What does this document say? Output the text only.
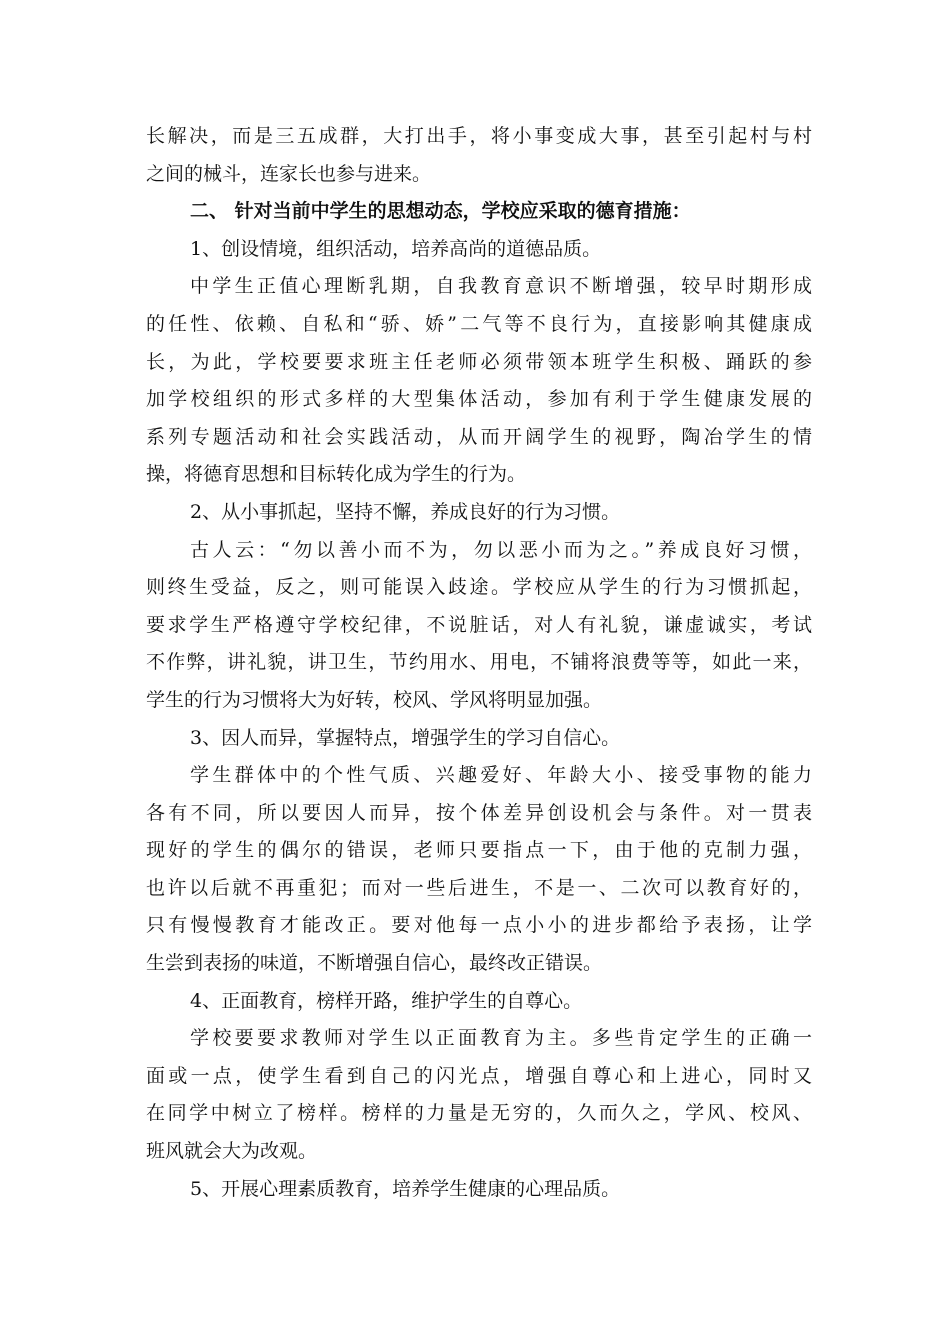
长解决，而是三五成群，大打出手，将小事变成大事，甚至引起村与村
之间的械斗，连家长也参与进来。
二、 针对当前中学生的思想动态，学校应采取的德育措施：
1、创设情境，组织活动，培养高尚的道德品质。
中学生正值心理断乳期，自我教育意识不断增强，较早时期形成
的任性、依赖、自私和“骄、娇”二气等不良行为，直接影响其健康成
长，为此，学校要要求班主任老师必须带领本班学生积极、踊跃的参
加学校组织的形式多样的大型集体活动，参加有利于学生健康发展的
系列专题活动和社会实践活动，从而开阔学生的视野，陶冶学生的情
操，将德育思想和目标转化成为学生的行为。
2、从小事抓起，坚持不懈，养成良好的行为习惯。
古人云：“勿以善小而不为，勿以恶小而为之。”养成良好习惯，
则终生受益，反之，则可能误入歧途。学校应从学生的行为习惯抓起，
要求学生严格遵守学校纪律，不说脏话，对人有礼貌，谦虚诚实，考试
不作弊，讲礼貌，讲卫生，节约用水、用电，不铺将浪费等等，如此一来，
学生的行为习惯将大为好转，校风、学风将明显加强。
3、因人而异，掌握特点，增强学生的学习自信心。
学生群体中的个性气质、兴趣爱好、年龄大小、接受事物的能力
各有不同，所以要因人而异，按个体差异创设机会与条件。对一贯表
现好的学生的偶尔的错误，老师只要指点一下，由于他的克制力强，
也许以后就不再重犯；而对一些后进生，不是一、二次可以教育好的，
只有慢慢教育才能改正。要对他每一点小小的进步都给予表扬，让学
生尝到表扬的味道，不断增强自信心，最终改正错误。
4、正面教育，榜样开路，维护学生的自尊心。
学校要要求教师对学生以正面教育为主。多些肯定学生的正确一
面或一点，使学生看到自己的闪光点，增强自尊心和上进心，同时又
在同学中树立了榜样。榜样的力量是无穷的，久而久之，学风、校风、
班风就会大为改观。
5、开展心理素质教育，培养学生健康的心理品质。
